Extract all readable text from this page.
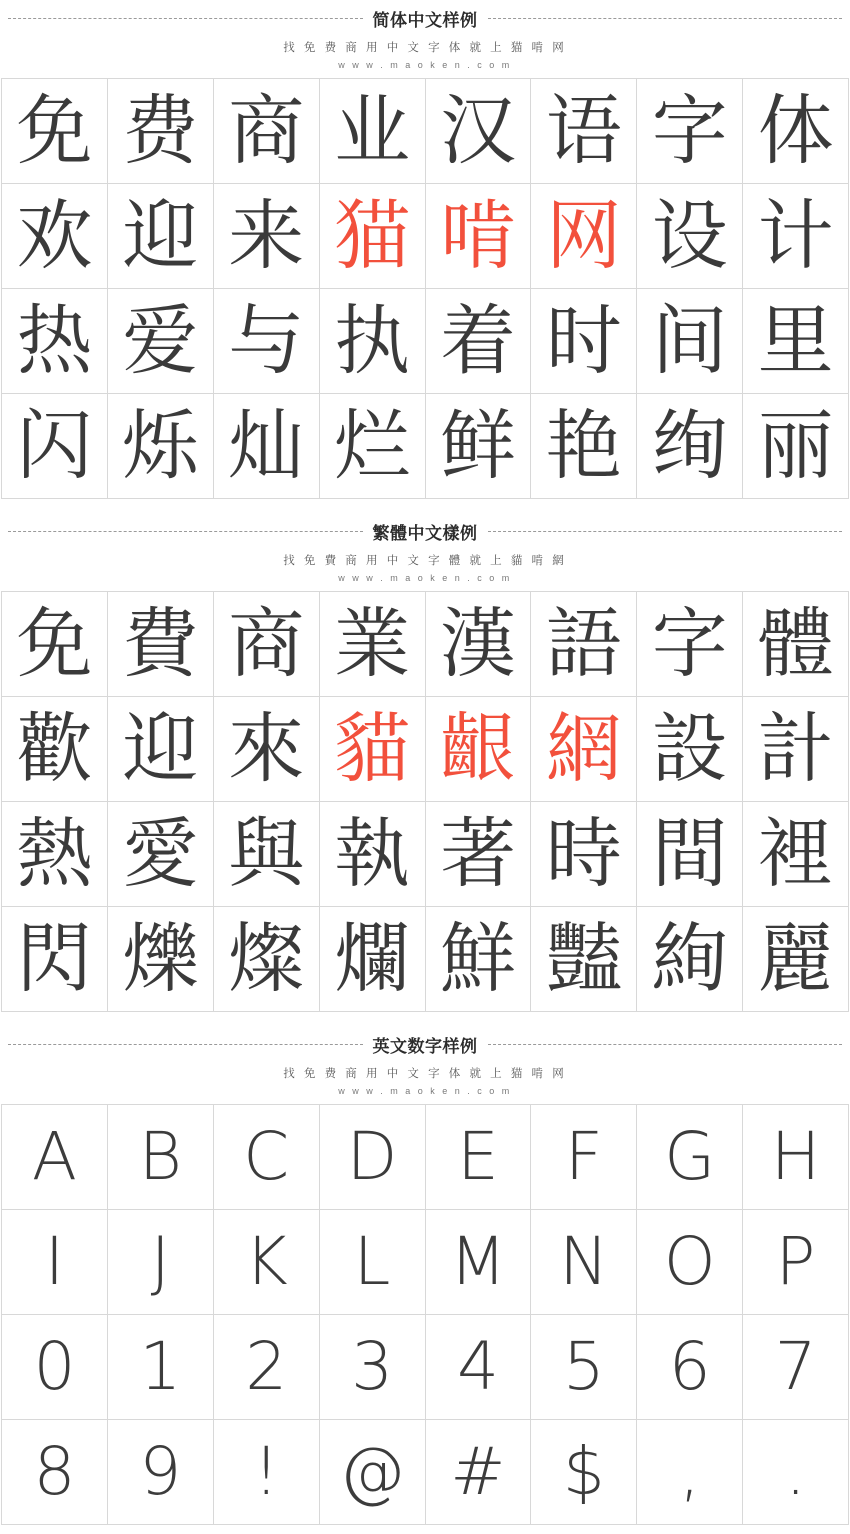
简体中文样例
找 免 费 商 用 中 文 字 体 就 上 猫 啃 网
w w w . m a o k e n . c o m
免 费 商 业 汉 语 字 体
欢 迎 来 猫 啃 网 设 计
热 爱 与 执 着 时 间 里
闪 烁 灿 烂 鲜 艳 绚 丽
繁體中文樣例
找 免 費 商 用 中 文 字 體 就 上 貓 啃 網
w w w . m a o k e n . c o m
免 費 商 業 漢 語 字 體
歡 迎 來 貓 齦 網 設 計
熱 愛 與 執 著 時 間 裡
閃 爍 燦 爛 鮮 豔 絢 麗
英文数字样例
找 免 费 商 用 中 文 字 体 就 上 猫 啃 网
w w w . m a o k e n . c o m
A B C D E F G H
I J K L M N O P
0 1 2 3 4 5 6 7
8 9 ! @ # $ , .
